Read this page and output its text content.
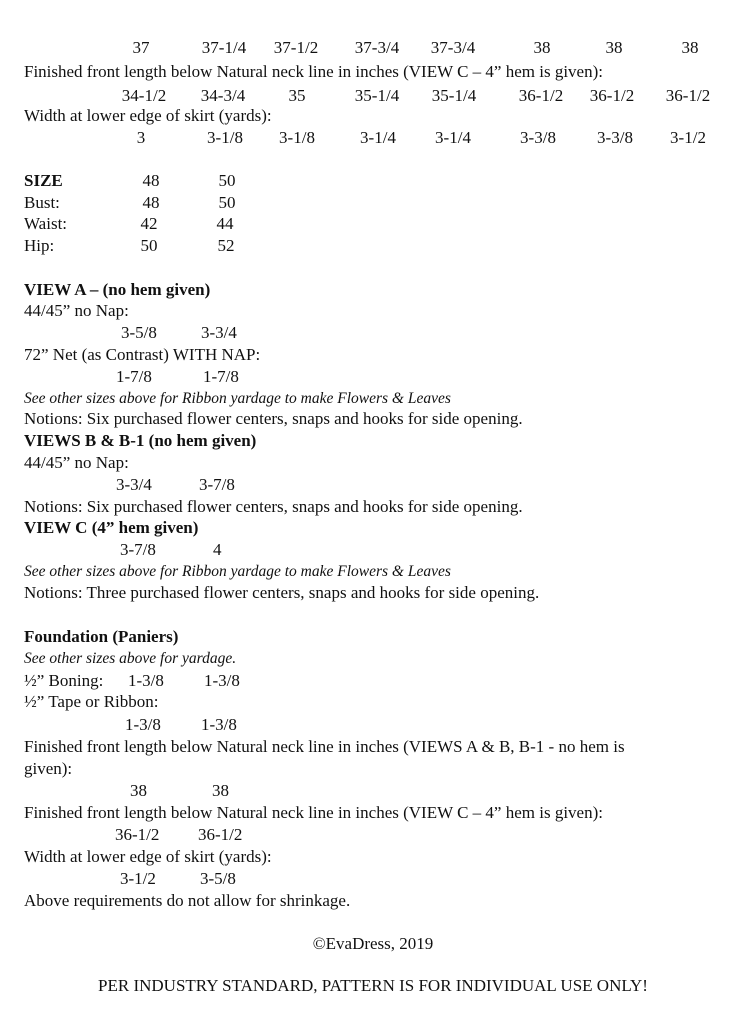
37	37-1/4 37-1/2 37-3/4 37-3/4	38	38	38
Finished front length below Natural neck line in inches (VIEW C – 4” hem is given):
34-1/2 34-3/4	35	35-1/4 35-1/4	36-1/2 36-1/2 36-1/2
Width at lower edge of skirt (yards):
3	3-1/8 3-1/8	3-1/4 3-1/4	3-3/8 3-3/8 3-1/2
SIZE	48	50
Bust:	48	50
Waist:	42	44
Hip:	50	52
VIEW A – (no hem given)
44/45” no Nap:
3-5/8	3-3/4
72” Net (as Contrast) WITH NAP:
1-7/8	1-7/8
See other sizes above for Ribbon yardage to make Flowers & Leaves
Notions: Six purchased flower centers, snaps and hooks for side opening.
VIEWS B & B-1 (no hem given)
44/45” no Nap:
3-3/4	3-7/8
Notions: Six purchased flower centers, snaps and hooks for side opening.
VIEW C (4” hem given)
3-7/8	4
See other sizes above for Ribbon yardage to make Flowers & Leaves
Notions: Three purchased flower centers, snaps and hooks for side opening.
Foundation (Paniers)
See other sizes above for yardage.
½” Boning: 1-3/8 1-3/8
½” Tape or Ribbon:
1-3/8 1-3/8
Finished front length below Natural neck line in inches (VIEWS A & B, B-1 - no hem is
given):
38	38
Finished front length below Natural neck line in inches (VIEW C – 4” hem is given):
36-1/2 36-1/2
Width at lower edge of skirt (yards):
3-1/2	3-5/8
Above requirements do not allow for shrinkage.
©EvaDress, 2019
PER INDUSTRY STANDARD, PATTERN IS FOR INDIVIDUAL USE ONLY!
